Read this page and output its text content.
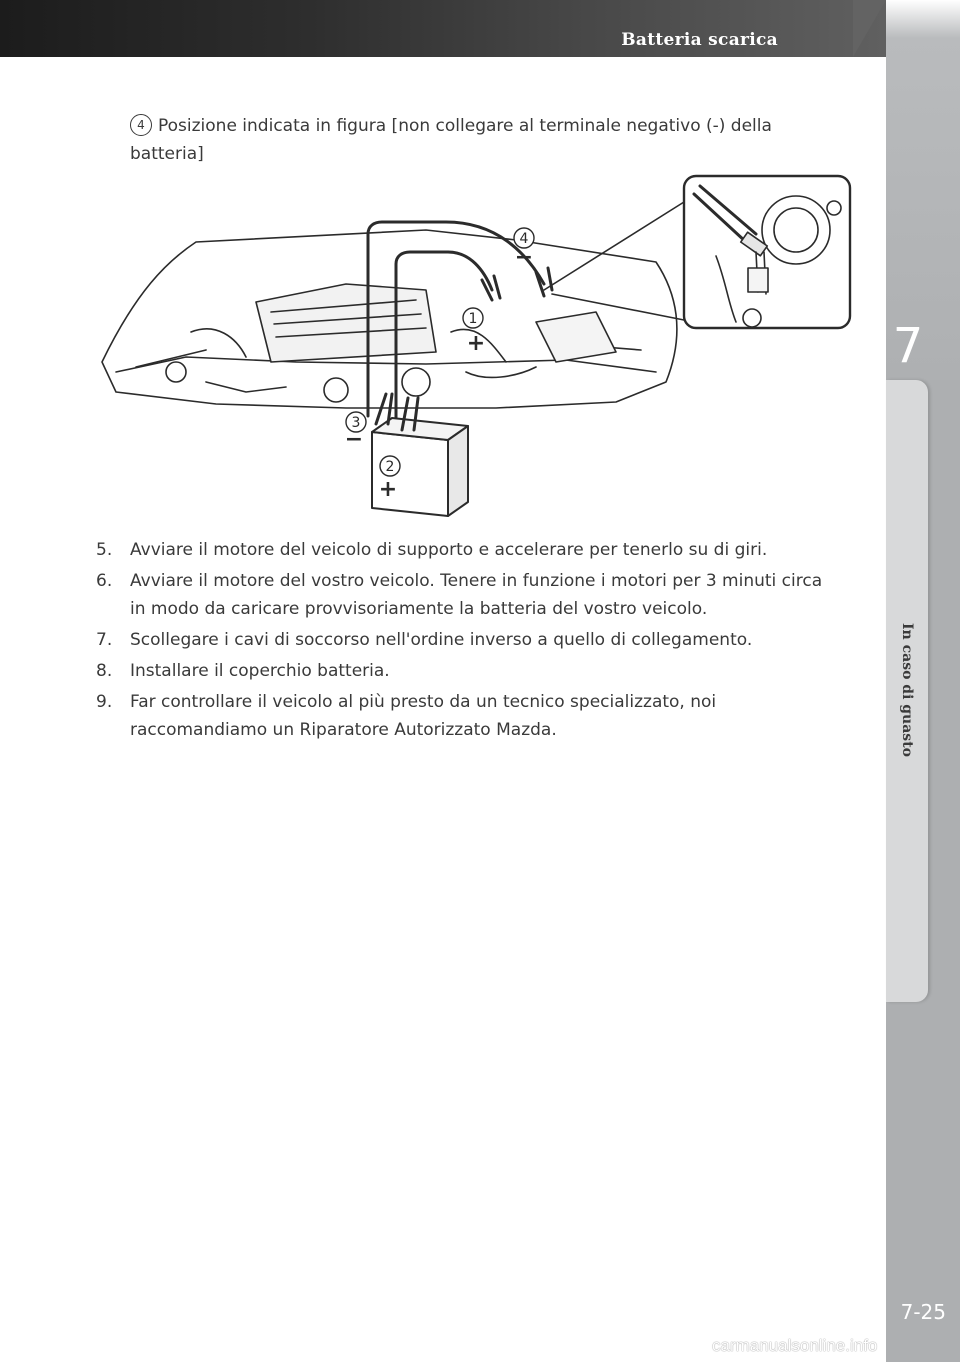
Batteria scarica
7
In caso di guasto
4 Posizione indicata in figura [non collegare al terminale negativo (-) della batteria]
1
2
3
4
+
+
−
−
5.	Avviare il motore del veicolo di supporto e accelerare per tenerlo su di giri.
6.	Avviare il motore del vostro veicolo. Tenere in funzione i motori per 3 minuti circa in modo da caricare provvisoriamente la batteria del vostro veicolo.
7.	Scollegare i cavi di soccorso nell'ordine inverso a quello di collegamento.
8.	Installare il coperchio batteria.
9.	Far controllare il veicolo al più presto da un tecnico specializzato, noi raccomandiamo un Riparatore Autorizzato Mazda.
7-25
carmanualsonline.info
